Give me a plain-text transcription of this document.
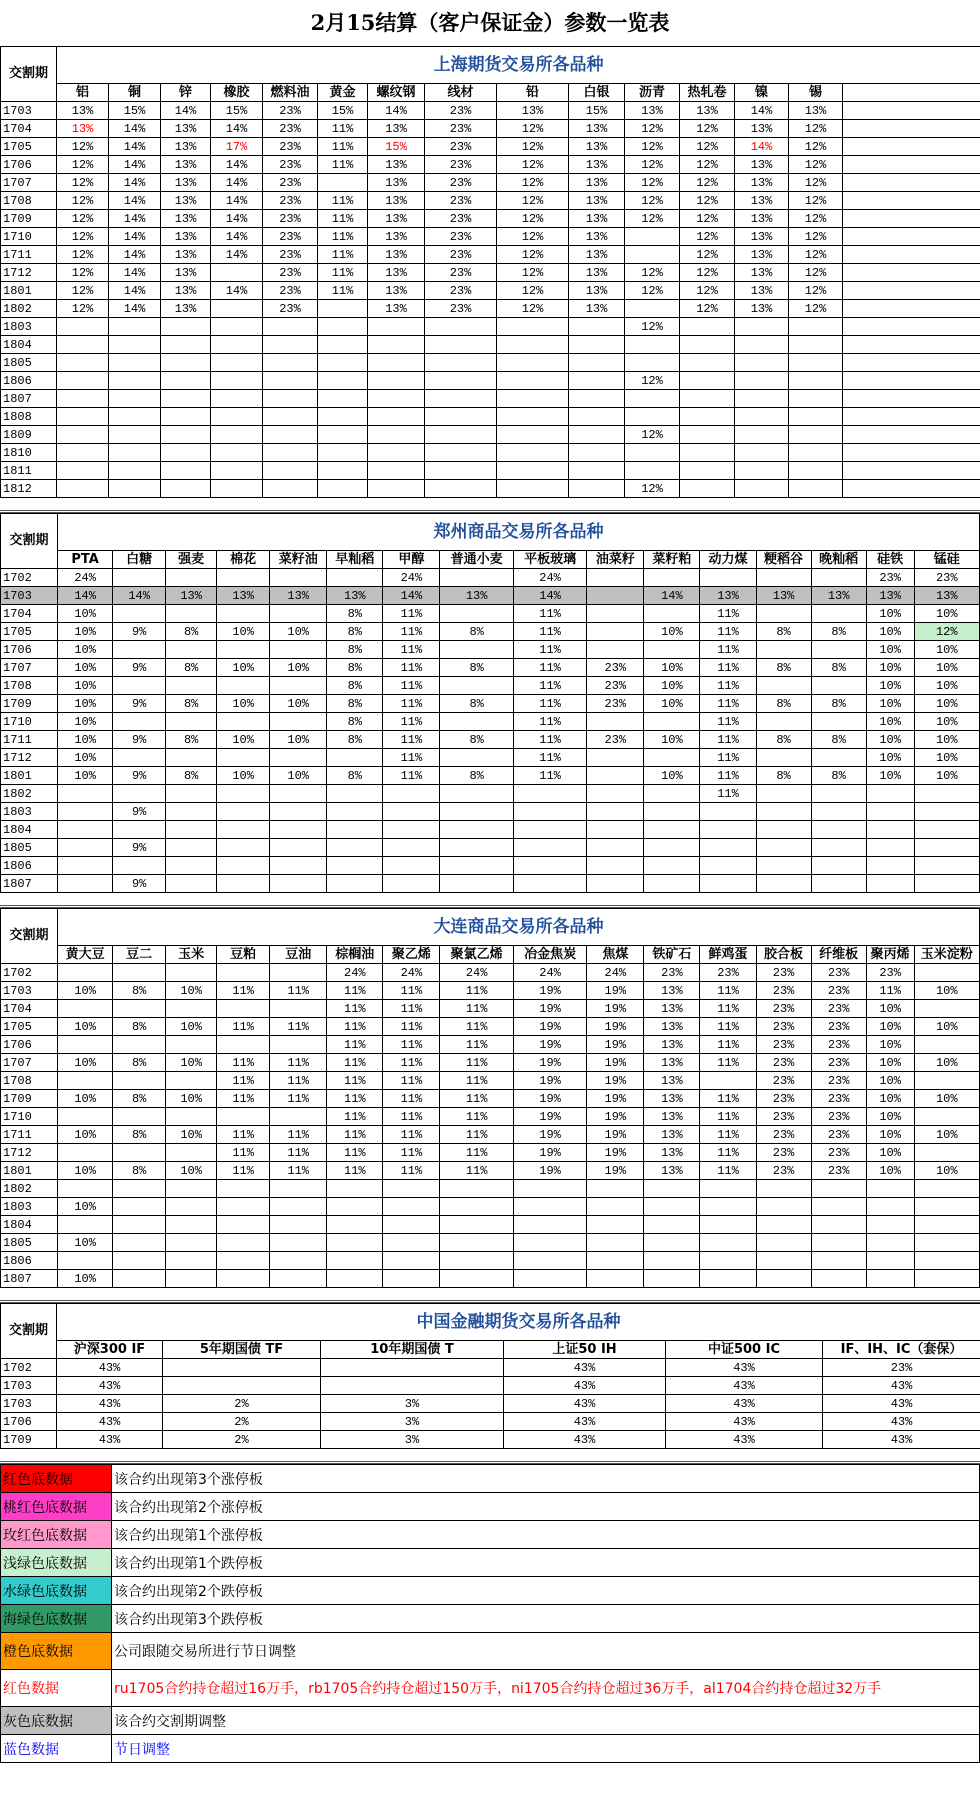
2月15结算（客户保证金）参数一览表
交割期	上海期货交易所各品种														
	铝	铜	锌	橡胶	燃料油	黄金	螺纹钢	线材	铅	白银	沥青	热轧卷	镍	锡	
1703	13%	15%	14%	15%	23%	15%	14%	23%	13%	15%	13%	13%	14%	13%	
1704	13%	14%	13%	14%	23%	11%	13%	23%	12%	13%	12%	12%	13%	12%	
1705	12%	14%	13%	17%	23%	11%	15%	23%	12%	13%	12%	12%	14%	12%	
1706	12%	14%	13%	14%	23%	11%	13%	23%	12%	13%	12%	12%	13%	12%	
1707	12%	14%	13%	14%	23%		13%	23%	12%	13%	12%	12%	13%	12%	
1708	12%	14%	13%	14%	23%	11%	13%	23%	12%	13%	12%	12%	13%	12%	
1709	12%	14%	13%	14%	23%	11%	13%	23%	12%	13%	12%	12%	13%	12%	
1710	12%	14%	13%	14%	23%	11%	13%	23%	12%	13%		12%	13%	12%	
1711	12%	14%	13%	14%	23%	11%	13%	23%	12%	13%		12%	13%	12%	
1712	12%	14%	13%		23%	11%	13%	23%	12%	13%	12%	12%	13%	12%	
1801	12%	14%	13%	14%	23%	11%	13%	23%	12%	13%	12%	12%	13%	12%	
1802	12%	14%	13%		23%		13%	23%	12%	13%		12%	13%	12%	
1803											12%				
1804															
1805															
1806											12%				
1807															
1808															
1809											12%				
1810															
1811															
1812											12%				
交割期	郑州商品交易所各品种															
	PTA	白糖	强麦	棉花	菜籽油	早籼稻	甲醇	普通小麦	平板玻璃	油菜籽	菜籽粕	动力煤	粳稻谷	晚籼稻	硅铁	锰硅
1702	24%						24%		24%						23%	23%
1703	14%	14%	13%	13%	13%	13%	14%	13%	14%		14%	13%	13%	13%	13%	13%
1704	10%					8%	11%		11%			11%			10%	10%
1705	10%	9%	8%	10%	10%	8%	11%	8%	11%		10%	11%	8%	8%	10%	12%
1706	10%					8%	11%		11%			11%			10%	10%
1707	10%	9%	8%	10%	10%	8%	11%	8%	11%	23%	10%	11%	8%	8%	10%	10%
1708	10%					8%	11%		11%	23%	10%	11%			10%	10%
1709	10%	9%	8%	10%	10%	8%	11%	8%	11%	23%	10%	11%	8%	8%	10%	10%
1710	10%					8%	11%		11%			11%			10%	10%
1711	10%	9%	8%	10%	10%	8%	11%	8%	11%	23%	10%	11%	8%	8%	10%	10%
1712	10%						11%		11%			11%			10%	10%
1801	10%	9%	8%	10%	10%	8%	11%	8%	11%		10%	11%	8%	8%	10%	10%
1802												11%				
1803		9%														
1804																
1805		9%														
1806																
1807		9%														
交割期	大连商品交易所各品种															
	黄大豆	豆二	玉米	豆粕	豆油	棕榈油	聚乙烯	聚氯乙烯	冶金焦炭	焦煤	铁矿石	鲜鸡蛋	胶合板	纤维板	聚丙烯	玉米淀粉
1702						24%	24%	24%	24%	24%	23%	23%	23%	23%	23%	
1703	10%	8%	10%	11%	11%	11%	11%	11%	19%	19%	13%	11%	23%	23%	11%	10%
1704						11%	11%	11%	19%	19%	13%	11%	23%	23%	10%	
1705	10%	8%	10%	11%	11%	11%	11%	11%	19%	19%	13%	11%	23%	23%	10%	10%
1706						11%	11%	11%	19%	19%	13%	11%	23%	23%	10%	
1707	10%	8%	10%	11%	11%	11%	11%	11%	19%	19%	13%	11%	23%	23%	10%	10%
1708				11%	11%	11%	11%	11%	19%	19%	13%		23%	23%	10%	
1709	10%	8%	10%	11%	11%	11%	11%	11%	19%	19%	13%	11%	23%	23%	10%	10%
1710						11%	11%	11%	19%	19%	13%	11%	23%	23%	10%	
1711	10%	8%	10%	11%	11%	11%	11%	11%	19%	19%	13%	11%	23%	23%	10%	10%
1712				11%	11%	11%	11%	11%	19%	19%	13%	11%	23%	23%	10%	
1801	10%	8%	10%	11%	11%	11%	11%	11%	19%	19%	13%	11%	23%	23%	10%	10%
1802																
1803	10%															
1804																
1805	10%															
1806																
1807	10%															
交割期	中国金融期货交易所各品种					
	沪深300 IF	5年期国债 TF	10年期国债 T	上证50 IH	中证500 IC	IF、IH、IC（套保）
1702	43%			43%	43%	23%
1703	43%			43%	43%	43%
1703	43%	2%	3%	43%	43%	43%
1706	43%	2%	3%	43%	43%	43%
1709	43%	2%	3%	43%	43%	43%
红色底数据	该合约出现第3个涨停板
桃红色底数据	该合约出现第2个涨停板
玫红色底数据	该合约出现第1个涨停板
浅绿色底数据	该合约出现第1个跌停板
水绿色底数据	该合约出现第2个跌停板
海绿色底数据	该合约出现第3个跌停板
橙色底数据	公司跟随交易所进行节日调整
红色数据	ru1705合约持仓超过16万手，rb1705合约持仓超过150万手，ni1705合约持仓超过36万手，al1704合约持仓超过32万手
灰色底数据	该合约交割期调整
蓝色数据	节日调整
